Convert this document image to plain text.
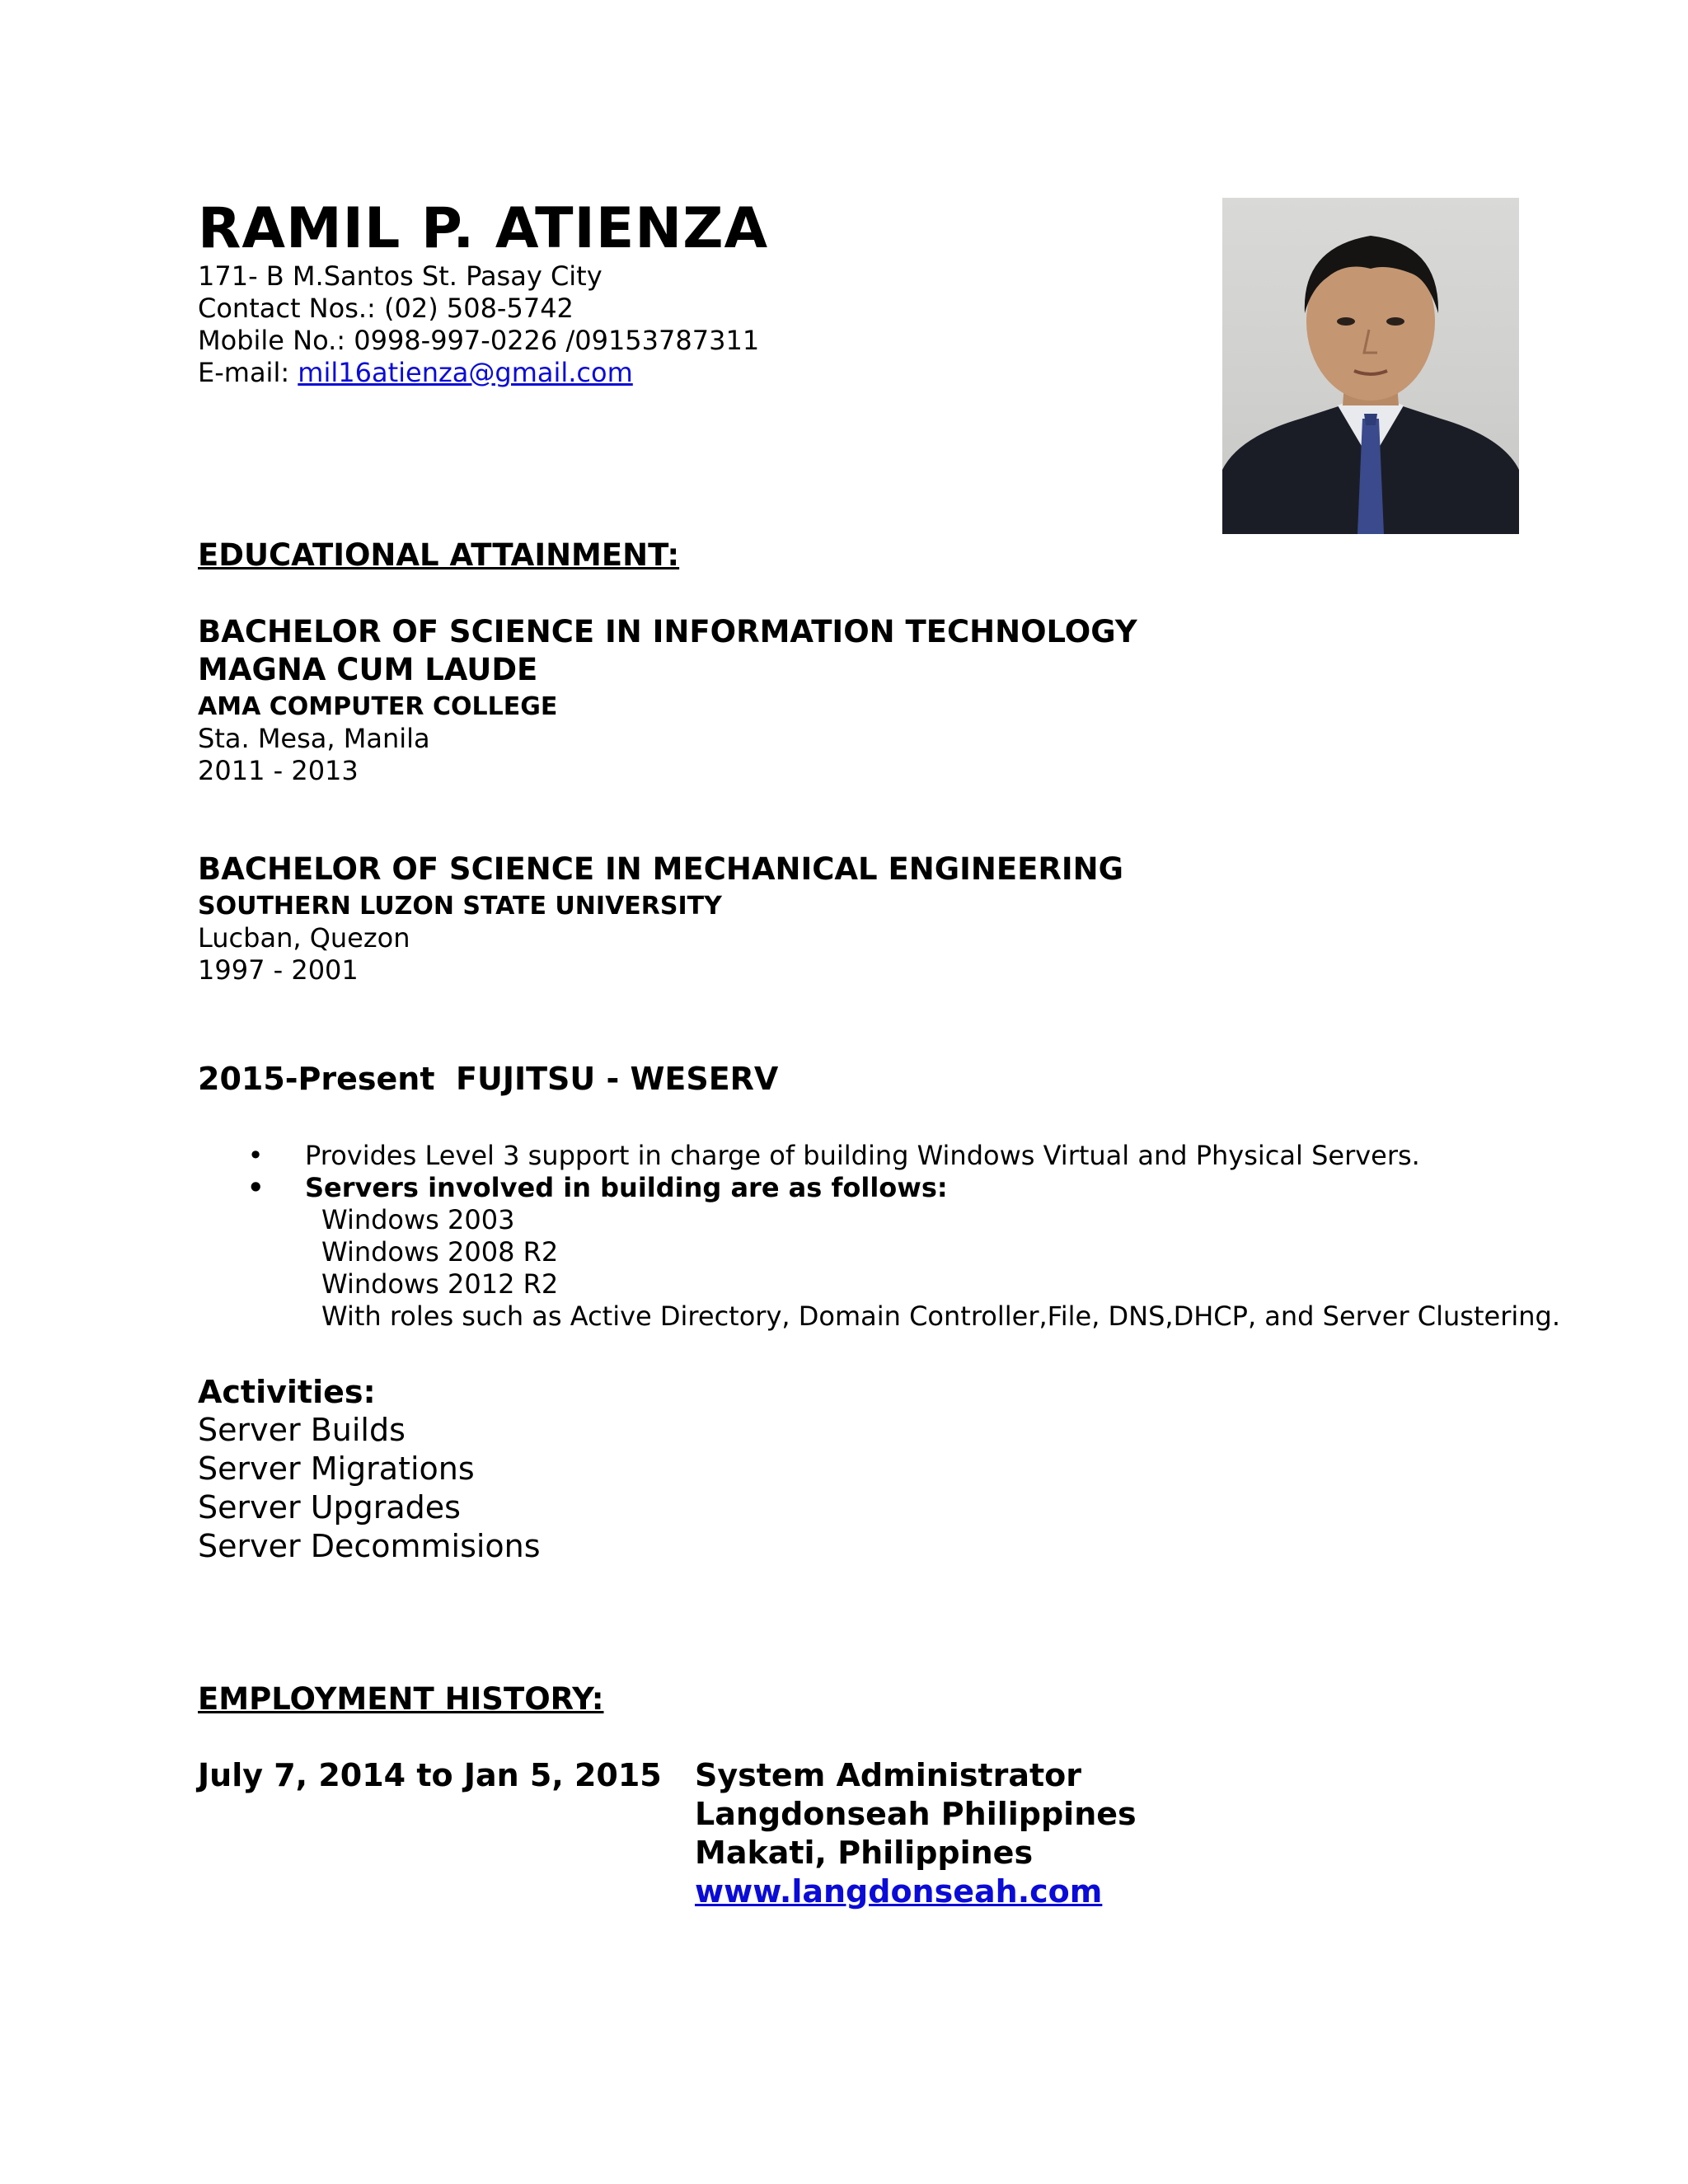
RAMIL P. ATIENZA
171- B M.Santos St. Pasay City
Contact Nos.: (02) 508-5742
Mobile No.: 0998-997-0226 /09153787311
E-mail: mil16atienza@gmail.com
EDUCATIONAL ATTAINMENT:
BACHELOR OF SCIENCE IN INFORMATION TECHNOLOGY
MAGNA CUM LAUDE
AMA COMPUTER COLLEGE
Sta. Mesa, Manila
2011 - 2013
BACHELOR OF SCIENCE IN MECHANICAL ENGINEERING
SOUTHERN LUZON STATE UNIVERSITY
Lucban, Quezon
1997 - 2001
2015-Present FUJITSU - WESERV
• Provides Level 3 support in charge of building Windows Virtual and Physical Servers.
• Servers involved in building are as follows:
Windows 2003
Windows 2008 R2
Windows 2012 R2
With roles such as Active Directory, Domain Controller,File, DNS,DHCP, and Server Clustering.
Activities:
Server Builds
Server Migrations
Server Upgrades
Server Decommisions
EMPLOYMENT HISTORY:
July 7, 2014 to Jan 5, 2015 System Administrator
Langdonseah Philippines
Makati, Philippines
www.langdonseah.com
